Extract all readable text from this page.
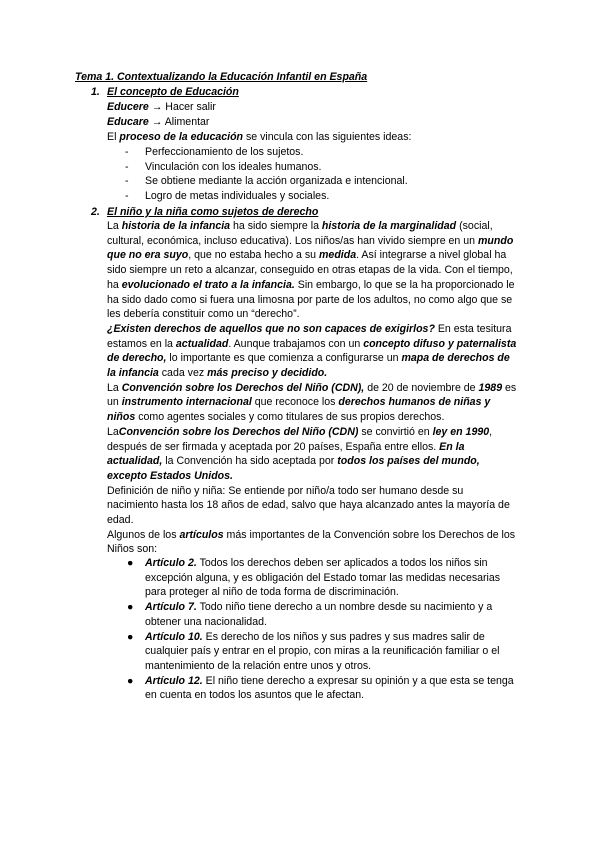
Tema 1. Contextualizando la Educación Infantil en España
1. El concepto de Educación
Educere → Hacer salir
Educare → Alimentar
El proceso de la educación se vincula con las siguientes ideas:
- Perfeccionamiento de los sujetos.
- Vinculación con los ideales humanos.
- Se obtiene mediante la acción organizada e intencional.
- Logro de metas individuales y sociales.
2. El niño y la niña como sujetos de derecho

La historia de la infancia ha sido siempre la historia de la marginalidad (social, cultural, económica, incluso educativa). Los niños/as han vivido siempre en un mundo que no era suyo, que no estaba hecho a su medida. Así integrarse a nivel global ha sido siempre un reto a alcanzar, conseguido en otras etapas de la vida. Con el tiempo, ha evolucionado el trato a la infancia. Sin embargo, lo que se la ha proporcionado le ha sido dado como si fuera una limosna por parte de los adultos, no como algo que se les debería constituir como un “derecho”.

¿Existen derechos de aquellos que no son capaces de exigirlos? En esta tesitura estamos en la actualidad. Aunque trabajamos con un concepto difuso y paternalista de derecho, lo importante es que comienza a configurarse un mapa de derechos de la infancia cada vez más preciso y decidido.

La Convención sobre los Derechos del Niño (CDN), de 20 de noviembre de 1989 es un instrumento internacional que reconoce los derechos humanos de niñas y niños como agentes sociales y como titulares de sus propios derechos.

LaConvención sobre los Derechos del Niño (CDN) se convirtió en ley en 1990, después de ser firmada y aceptada por 20 países, España entre ellos. En la actualidad, la Convención ha sido aceptada por todos los países del mundo, excepto Estados Unidos.

Definición de niño y niña: Se entiende por niño/a todo ser humano desde su nacimiento hasta los 18 años de edad, salvo que haya alcanzado antes la mayoría de edad.

Algunos de los artículos más importantes de la Convención sobre los Derechos de los Niños son:

● Artículo 2. Todos los derechos deben ser aplicados a todos los niños sin excepción alguna, y es obligación del Estado tomar las medidas necesarias para proteger al niño de toda forma de discriminación.
● Artículo 7. Todo niño tiene derecho a un nombre desde su nacimiento y a obtener una nacionalidad.
● Artículo 10. Es derecho de los niños y sus padres y sus madres salir de cualquier país y entrar en el propio, con miras a la reunificación familiar o el mantenimiento de la relación entre unos y otros.
● Artículo 12. El niño tiene derecho a expresar su opinión y a que esta se tenga en cuenta en todos los asuntos que le afectan.
